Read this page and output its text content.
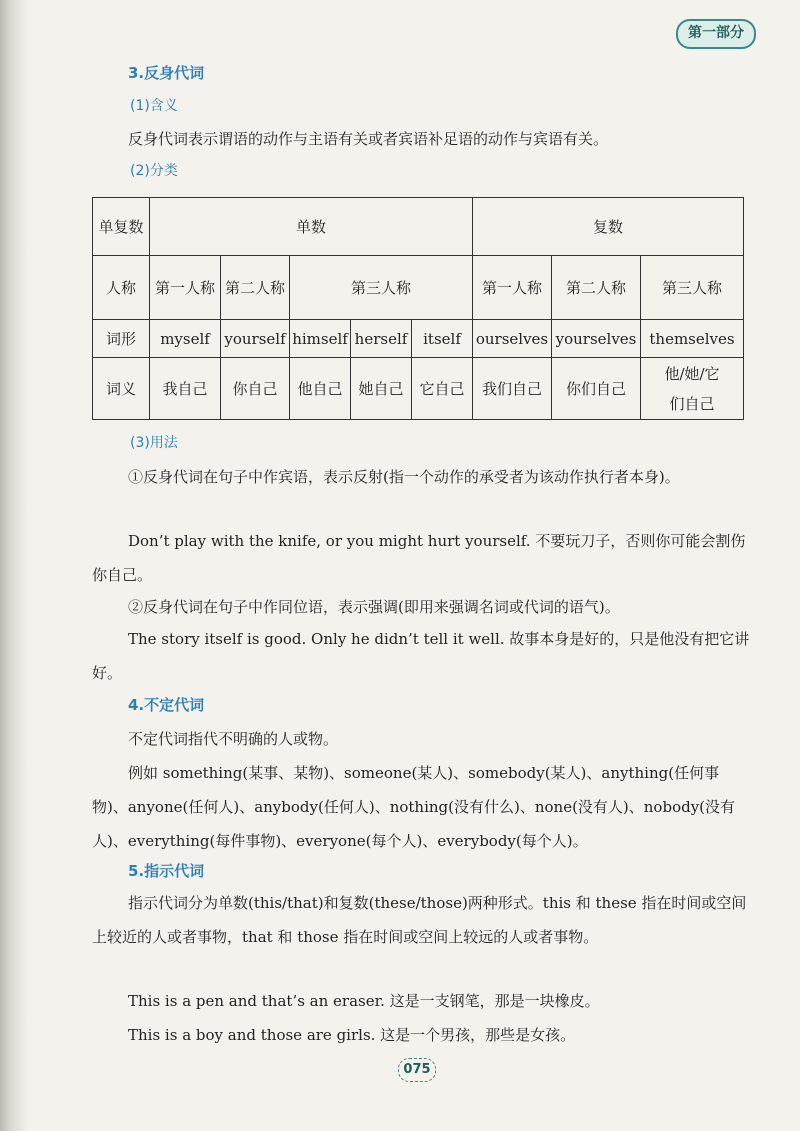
第一部分
3.反身代词
(1)含义
反身代词表示谓语的动作与主语有关或者宾语补足语的动作与宾语有关。
(2)分类
单复数	单数					复数		
人称	第一人称	第二人称	第三人称			第一人称	第二人称	第三人称
词形	myself	yourself	himself	herself	itself	ourselves	yourselves	themselves
词义	我自己	你自己	他自己	她自己	它自己	我们自己	你们自己	他/她/它们自己
(3)用法
①反身代词在句子中作宾语，表示反射(指一个动作的承受者为该动作执行者本身)。
Don’t play with the knife, or you might hurt yourself. 不要玩刀子，否则你可能会割伤你自己。
②反身代词在句子中作同位语，表示强调(即用来强调名词或代词的语气)。
The story itself is good. Only he didn’t tell it well. 故事本身是好的，只是他没有把它讲好。
4.不定代词
不定代词指代不明确的人或物。
例如 something(某事、某物)、someone(某人)、somebody(某人)、anything(任何事物)、anyone(任何人)、anybody(任何人)、nothing(没有什么)、none(没有人)、nobody(没有人)、everything(每件事物)、everyone(每个人)、everybody(每个人)。
5.指示代词
指示代词分为单数(this/that)和复数(these/those)两种形式。this 和 these 指在时间或空间上较近的人或者事物，that 和 those 指在时间或空间上较远的人或者事物。
This is a pen and that’s an eraser. 这是一支钢笔，那是一块橡皮。
This is a boy and those are girls. 这是一个男孩，那些是女孩。
075
